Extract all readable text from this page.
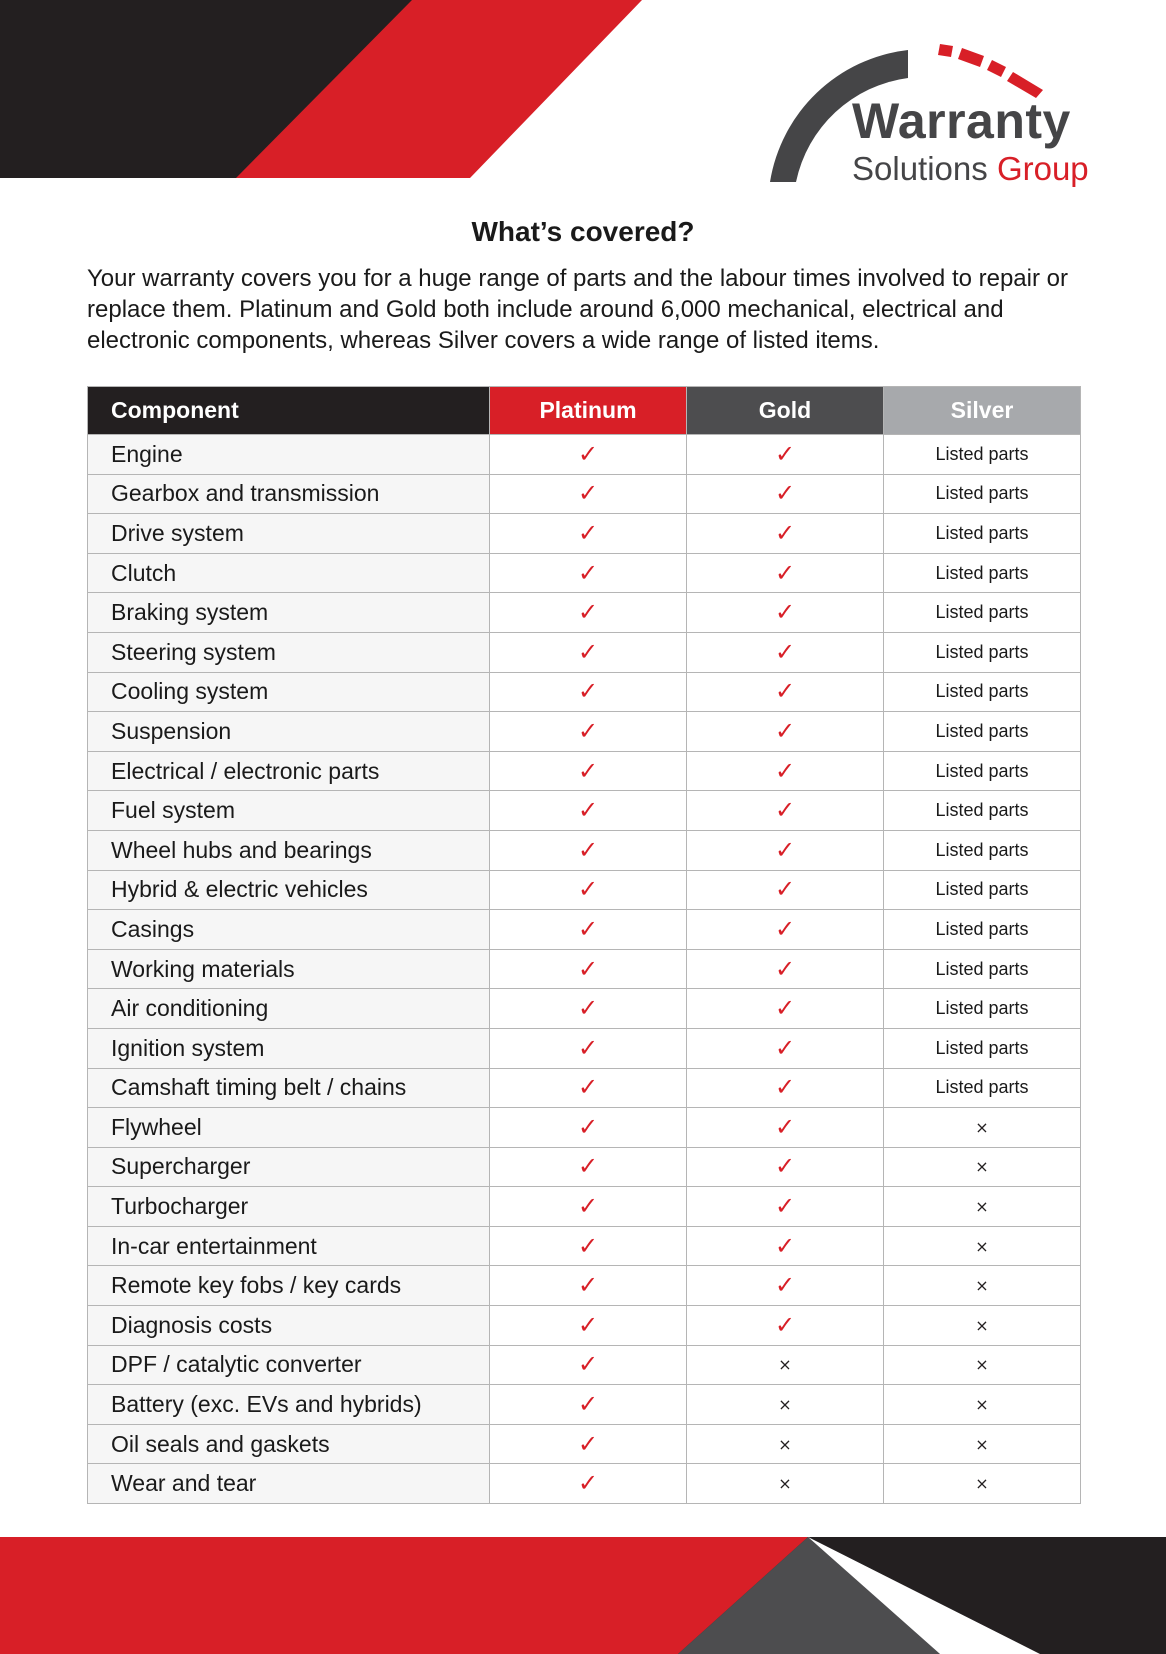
Warranty
Solutions Group
What’s covered?

Your warranty covers you for a huge range of parts and the labour times involved to repair or replace them. Platinum and Gold both include around 6,000 mechanical, electrical and electronic components, whereas Silver covers a wide range of listed items.

Component	Platinum	Gold	Silver
Engine	✓	✓	Listed parts
Gearbox and transmission	✓	✓	Listed parts
Drive system	✓	✓	Listed parts
Clutch	✓	✓	Listed parts
Braking system	✓	✓	Listed parts
Steering system	✓	✓	Listed parts
Cooling system	✓	✓	Listed parts
Suspension	✓	✓	Listed parts
Electrical / electronic parts	✓	✓	Listed parts
Fuel system	✓	✓	Listed parts
Wheel hubs and bearings	✓	✓	Listed parts
Hybrid & electric vehicles	✓	✓	Listed parts
Casings	✓	✓	Listed parts
Working materials	✓	✓	Listed parts
Air conditioning	✓	✓	Listed parts
Ignition system	✓	✓	Listed parts
Camshaft timing belt / chains	✓	✓	Listed parts
Flywheel	✓	✓	×
Supercharger	✓	✓	×
Turbocharger	✓	✓	×
In-car entertainment	✓	✓	×
Remote key fobs / key cards	✓	✓	×
Diagnosis costs	✓	✓	×
DPF / catalytic converter	✓	×	×
Battery (exc. EVs and hybrids)	✓	×	×
Oil seals and gaskets	✓	×	×
Wear and tear	✓	×	×
